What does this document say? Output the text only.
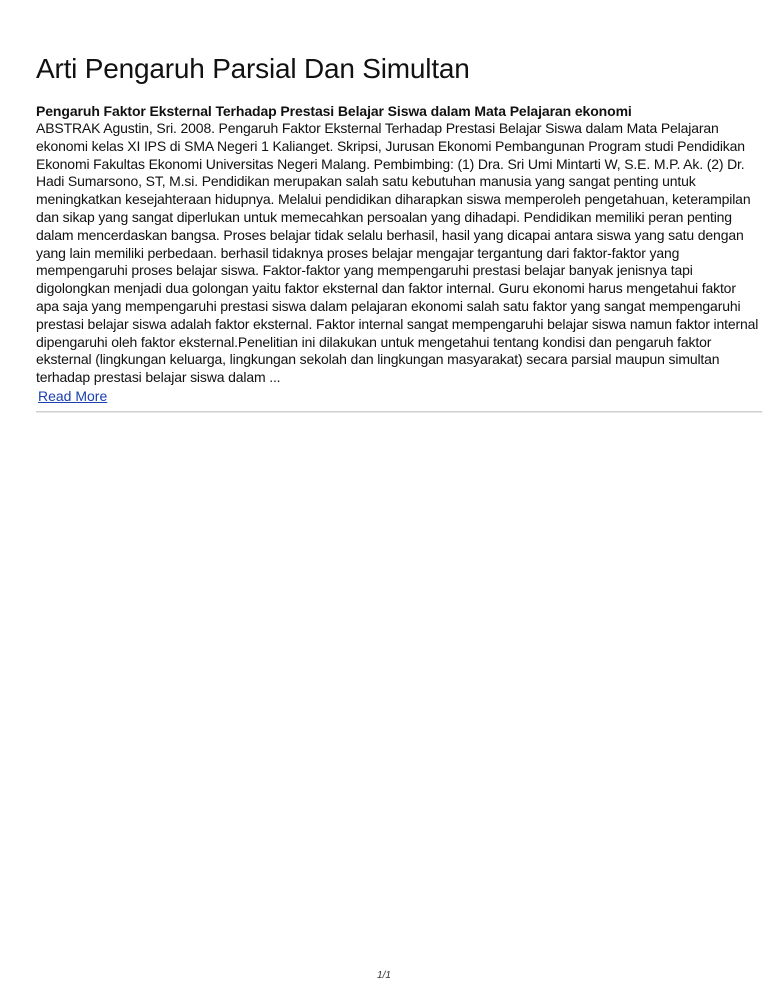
Arti Pengaruh Parsial Dan Simultan
Pengaruh Faktor Eksternal Terhadap Prestasi Belajar Siswa dalam Mata Pelajaran ekonomi

ABSTRAK Agustin, Sri. 2008. Pengaruh Faktor Eksternal Terhadap Prestasi Belajar Siswa dalam Mata Pelajaran ekonomi kelas XI IPS di SMA Negeri 1 Kalianget. Skripsi, Jurusan Ekonomi Pembangunan Program studi Pendidikan Ekonomi Fakultas Ekonomi Universitas Negeri Malang. Pembimbing: (1) Dra. Sri Umi Mintarti W, S.E. M.P. Ak. (2) Dr. Hadi Sumarsono, ST, M.si. Pendidikan merupakan salah satu kebutuhan manusia yang sangat penting untuk meningkatkan kesejahteraan hidupnya. Melalui pendidikan diharapkan siswa memperoleh pengetahuan, keterampilan dan sikap yang sangat diperlukan untuk memecahkan persoalan yang dihadapi. Pendidikan memiliki peran penting dalam mencerdaskan bangsa. Proses belajar tidak selalu berhasil, hasil yang dicapai antara siswa yang satu dengan yang lain memiliki perbedaan. berhasil tidaknya proses belajar mengajar tergantung dari faktor-faktor yang mempengaruhi proses belajar siswa. Faktor-faktor yang mempengaruhi prestasi belajar banyak jenisnya tapi digolongkan menjadi dua golongan yaitu faktor eksternal dan faktor internal. Guru ekonomi harus mengetahui faktor apa saja yang mempengaruhi prestasi siswa dalam pelajaran ekonomi salah satu faktor yang sangat mempengaruhi prestasi belajar siswa adalah faktor eksternal. Faktor internal sangat mempengaruhi belajar siswa namun faktor internal dipengaruhi oleh faktor eksternal.Penelitian ini dilakukan untuk mengetahui tentang kondisi dan pengaruh faktor eksternal (lingkungan keluarga, lingkungan sekolah dan lingkungan masyarakat) secara parsial maupun simultan terhadap prestasi belajar siswa dalam ...

Read More
1/1
